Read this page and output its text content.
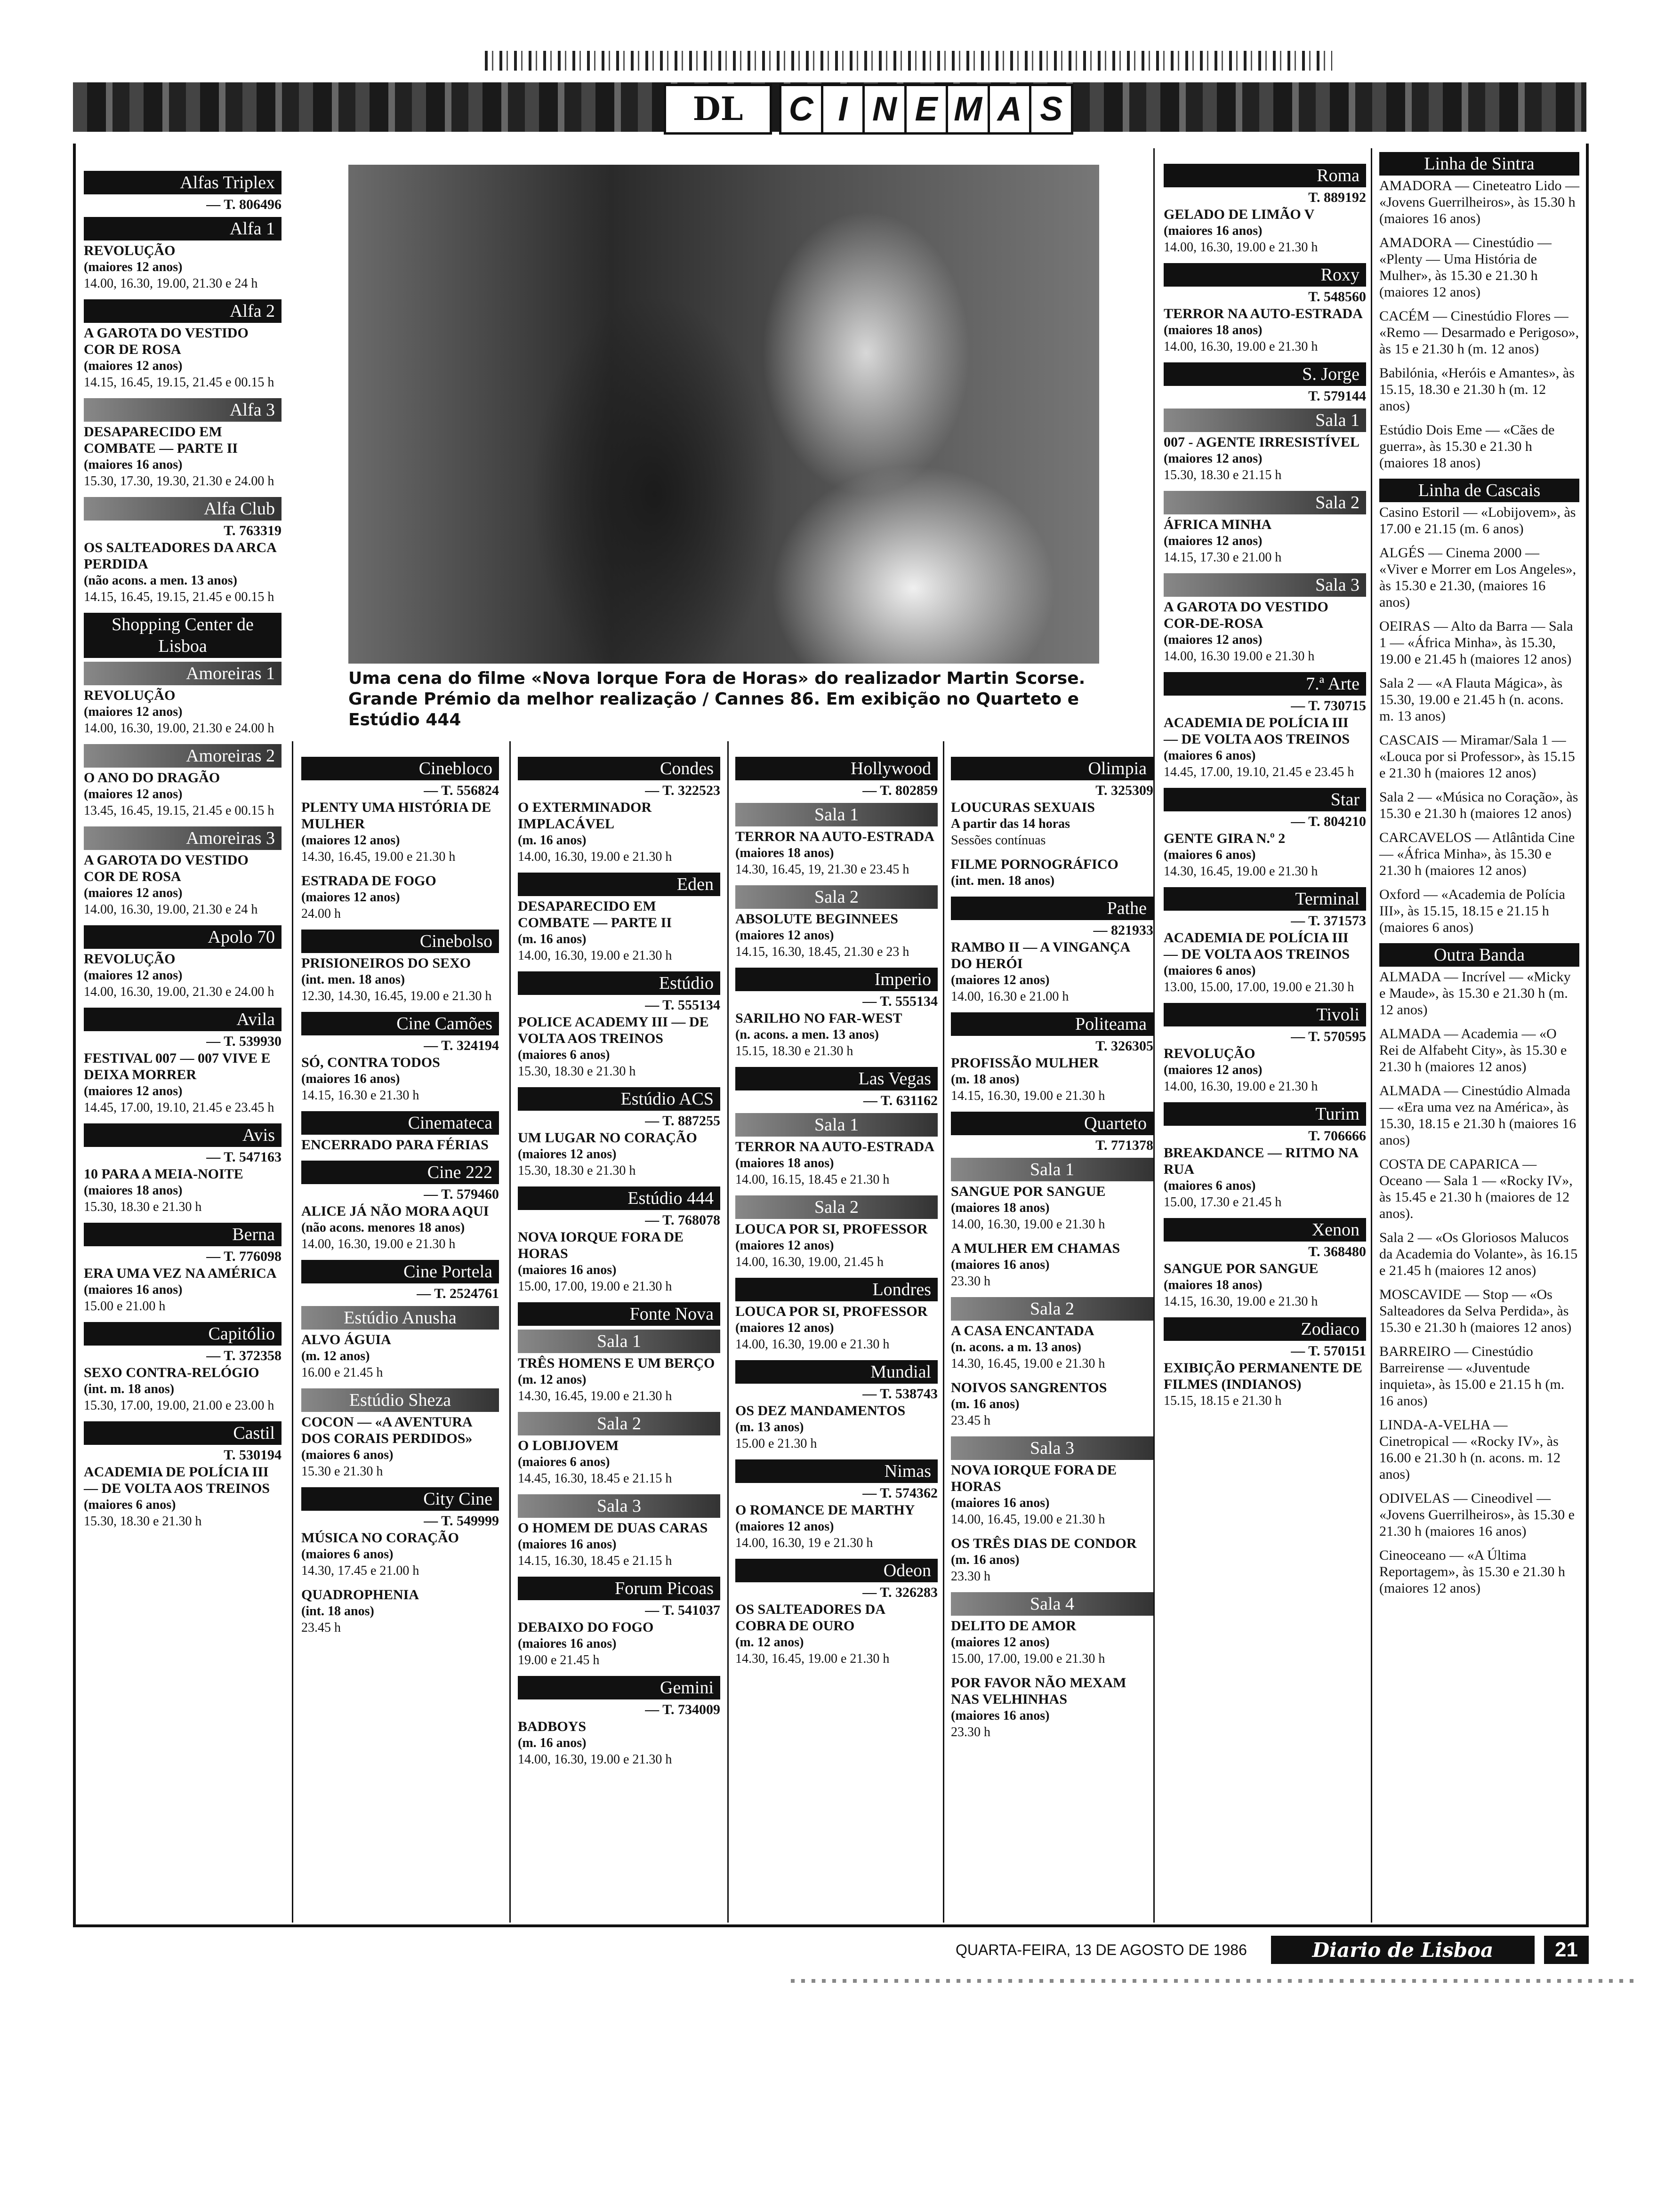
DL	C I N E M A S
Uma cena do filme «Nova Iorque Fora de Horas» do realizador Martin Scorse. Grande Prémio da melhor realização / Cannes 86. Em exibição no Quarteto e Estúdio 444
Alfas Triplex
— T. 806496
Alfa 1
REVOLUÇÃO
(maiores 12 anos)
14.00, 16.30, 19.00, 21.30 e 24 h
Alfa 2
A GAROTA DO VESTIDO COR DE ROSA
(maiores 12 anos)
14.15, 16.45, 19.15, 21.45 e 00.15 h
Alfa 3
DESAPARECIDO EM COMBATE — PARTE II
(maiores 16 anos)
15.30, 17.30, 19.30, 21.30 e 24.00 h
Alfa Club
T. 763319
OS SALTEADORES DA ARCA PERDIDA
(não acons. a men. 13 anos)
14.15, 16.45, 19.15, 21.45 e 00.15 h
Shopping Center de Lisboa
Amoreiras 1
REVOLUÇÃO
(maiores 12 anos)
14.00, 16.30, 19.00, 21.30 e 24.00 h
Amoreiras 2
O ANO DO DRAGÃO
(maiores 12 anos)
13.45, 16.45, 19.15, 21.45 e 00.15 h
Amoreiras 3
A GAROTA DO VESTIDO COR DE ROSA
(maiores 12 anos)
14.00, 16.30, 19.00, 21.30 e 24 h
Apolo 70
REVOLUÇÃO
(maiores 12 anos)
14.00, 16.30, 19.00, 21.30 e 24.00 h
Avila
— T. 539930
FESTIVAL 007 — 007 VIVE E DEIXA MORRER
(maiores 12 anos)
14.45, 17.00, 19.10, 21.45 e 23.45 h
Avis
— T. 547163
10 PARA A MEIA-NOITE
(maiores 18 anos)
15.30, 18.30 e 21.30 h
Berna
— T. 776098
ERA UMA VEZ NA AMÉRICA
(maiores 16 anos)
15.00 e 21.00 h
Capitólio
— T. 372358
SEXO CONTRA-RELÓGIO
(int. m. 18 anos)
15.30, 17.00, 19.00, 21.00 e 23.00 h
Castil
T. 530194
ACADEMIA DE POLÍCIA III — DE VOLTA AOS TREINOS
(maiores 6 anos)
15.30, 18.30 e 21.30 h
Cinebloco
— T. 556824
PLENTY UMA HISTÓRIA DE MULHER
(maiores 12 anos)
14.30, 16.45, 19.00 e 21.30 h
ESTRADA DE FOGO
(maiores 12 anos)
24.00 h
Cinebolso
PRISIONEIROS DO SEXO
(int. men. 18 anos)
12.30, 14.30, 16.45, 19.00 e 21.30 h
Cine Camões
— T. 324194
SÓ, CONTRA TODOS
(maiores 16 anos)
14.15, 16.30 e 21.30 h
Cinemateca
ENCERRADO PARA FÉRIAS
Cine 222
— T. 579460
ALICE JÁ NÃO MORA AQUI
(não acons. menores 18 anos)
14.00, 16.30, 19.00 e 21.30 h
Cine Portela
— T. 2524761
Estúdio Anusha
ALVO ÁGUIA
(m. 12 anos)
16.00 e 21.45 h
Estúdio Sheza
COCON — «A AVENTURA DOS CORAIS PERDIDOS»
(maiores 6 anos)
15.30 e 21.30 h
City Cine
— T. 549999
MÚSICA NO CORAÇÃO
(maiores 6 anos)
14.30, 17.45 e 21.00 h
QUADROPHENIA
(int. 18 anos)
23.45 h
Condes
— T. 322523
O EXTERMINADOR IMPLACÁVEL
(m. 16 anos)
14.00, 16.30, 19.00 e 21.30 h
Eden
DESAPARECIDO EM COMBATE — PARTE II
(m. 16 anos)
14.00, 16.30, 19.00 e 21.30 h
Estúdio
— T. 555134
POLICE ACADEMY III — DE VOLTA AOS TREINOS
(maiores 6 anos)
15.30, 18.30 e 21.30 h
Estúdio ACS
— T. 887255
UM LUGAR NO CORAÇÃO
(maiores 12 anos)
15.30, 18.30 e 21.30 h
Estúdio 444
— T. 768078
NOVA IORQUE FORA DE HORAS
(maiores 16 anos)
15.00, 17.00, 19.00 e 21.30 h
Fonte Nova
Sala 1
TRÊS HOMENS E UM BERÇO
(m. 12 anos)
14.30, 16.45, 19.00 e 21.30 h
Sala 2
O LOBIJOVEM
(maiores 6 anos)
14.45, 16.30, 18.45 e 21.15 h
Sala 3
O HOMEM DE DUAS CARAS
(maiores 16 anos)
14.15, 16.30, 18.45 e 21.15 h
Forum Picoas
— T. 541037
DEBAIXO DO FOGO
(maiores 16 anos)
19.00 e 21.45 h
Gemini
— T. 734009
BADBOYS
(m. 16 anos)
14.00, 16.30, 19.00 e 21.30 h
Hollywood
— T. 802859
Sala 1
TERROR NA AUTO-ESTRADA
(maiores 18 anos)
14.30, 16.45, 19, 21.30 e 23.45 h
Sala 2
ABSOLUTE BEGINNEES
(maiores 12 anos)
14.15, 16.30, 18.45, 21.30 e 23 h
Imperio
— T. 555134
SARILHO NO FAR-WEST
(n. acons. a men. 13 anos)
15.15, 18.30 e 21.30 h
Las Vegas
— T. 631162
Sala 1
TERROR NA AUTO-ESTRADA
(maiores 18 anos)
14.00, 16.15, 18.45 e 21.30 h
Sala 2
LOUCA POR SI, PROFESSOR
(maiores 12 anos)
14.00, 16.30, 19.00, 21.45 h
Londres
LOUCA POR SI, PROFESSOR
(maiores 12 anos)
14.00, 16.30, 19.00 e 21.30 h
Mundial
— T. 538743
OS DEZ MANDAMENTOS
(m. 13 anos)
15.00 e 21.30 h
Nimas
— T. 574362
O ROMANCE DE MARTHY
(maiores 12 anos)
14.00, 16.30, 19 e 21.30 h
Odeon
— T. 326283
OS SALTEADORES DA COBRA DE OURO
(m. 12 anos)
14.30, 16.45, 19.00 e 21.30 h
Olimpia
T. 325309
LOUCURAS SEXUAIS
A partir das 14 horas
Sessões contínuas
FILME PORNOGRÁFICO
(int. men. 18 anos)
Pathe
— 821933
RAMBO II — A VINGANÇA DO HERÓI
(maiores 12 anos)
14.00, 16.30 e 21.00 h
Politeama
T. 326305
PROFISSÃO MULHER
(m. 18 anos)
14.15, 16.30, 19.00 e 21.30 h
Quarteto
T. 771378
Sala 1
SANGUE POR SANGUE
(maiores 18 anos)
14.00, 16.30, 19.00 e 21.30 h
A MULHER EM CHAMAS
(maiores 16 anos)
23.30 h
Sala 2
A CASA ENCANTADA
(n. acons. a m. 13 anos)
14.30, 16.45, 19.00 e 21.30 h
NOIVOS SANGRENTOS
(m. 16 anos)
23.45 h
Sala 3
NOVA IORQUE FORA DE HORAS
(maiores 16 anos)
14.00, 16.45, 19.00 e 21.30 h
OS TRÊS DIAS DE CONDOR
(m. 16 anos)
23.30 h
Sala 4
DELITO DE AMOR
(maiores 12 anos)
15.00, 17.00, 19.00 e 21.30 h
POR FAVOR NÃO MEXAM NAS VELHINHAS
(maiores 16 anos)
23.30 h
Roma
T. 889192
GELADO DE LIMÃO V
(maiores 16 anos)
14.00, 16.30, 19.00 e 21.30 h
Roxy
T. 548560
TERROR NA AUTO-ESTRADA
(maiores 18 anos)
14.00, 16.30, 19.00 e 21.30 h
S. Jorge
T. 579144
Sala 1
007 - AGENTE IRRESISTÍVEL
(maiores 12 anos)
15.30, 18.30 e 21.15 h
Sala 2
ÁFRICA MINHA
(maiores 12 anos)
14.15, 17.30 e 21.00 h
Sala 3
A GAROTA DO VESTIDO COR-DE-ROSA
(maiores 12 anos)
14.00, 16.30 19.00 e 21.30 h
7.ª Arte
— T. 730715
ACADEMIA DE POLÍCIA III — DE VOLTA AOS TREINOS
(maiores 6 anos)
14.45, 17.00, 19.10, 21.45 e 23.45 h
Star
— T. 804210
GENTE GIRA N.º 2
(maiores 6 anos)
14.30, 16.45, 19.00 e 21.30 h
Terminal
— T. 371573
ACADEMIA DE POLÍCIA III — DE VOLTA AOS TREINOS
(maiores 6 anos)
13.00, 15.00, 17.00, 19.00 e 21.30 h
Tivoli
— T. 570595
REVOLUÇÃO
(maiores 12 anos)
14.00, 16.30, 19.00 e 21.30 h
Turim
T. 706666
BREAKDANCE — RITMO NA RUA
(maiores 6 anos)
15.00, 17.30 e 21.45 h
Xenon
T. 368480
SANGUE POR SANGUE
(maiores 18 anos)
14.15, 16.30, 19.00 e 21.30 h
Zodiaco
— T. 570151
EXIBIÇÃO PERMANENTE DE FILMES (INDIANOS)
15.15, 18.15 e 21.30 h
Linha de Sintra
AMADORA — Cineteatro Lido — «Jovens Guerrilheiros», às 15.30 h (maiores 16 anos)
AMADORA — Cinestúdio — «Plenty — Uma História de Mulher», às 15.30 e 21.30 h (maiores 12 anos)
CACÉM — Cinestúdio Flores — «Remo — Desarmado e Perigoso», às 15 e 21.30 h (m. 12 anos)
Babilónia, «Heróis e Amantes», às 15.15, 18.30 e 21.30 h (m. 12 anos)
Estúdio Dois Eme — «Cães de guerra», às 15.30 e 21.30 h (maiores 18 anos)
Linha de Cascais
Casino Estoril — «Lobijovem», às 17.00 e 21.15 (m. 6 anos)
ALGÉS — Cinema 2000 — «Viver e Morrer em Los Angeles», às 15.30 e 21.30, (maiores 16 anos)
OEIRAS — Alto da Barra — Sala 1 — «África Minha», às 15.30, 19.00 e 21.45 h (maiores 12 anos)
Sala 2 — «A Flauta Mágica», às 15.30, 19.00 e 21.45 h (n. acons. m. 13 anos)
CASCAIS — Miramar/Sala 1 — «Louca por si Professor», às 15.15 e 21.30 h (maiores 12 anos)
Sala 2 — «Música no Coração», às 15.30 e 21.30 h (maiores 12 anos)
CARCAVELOS — Atlântida Cine — «África Minha», às 15.30 e 21.30 h (maiores 12 anos)
Oxford — «Academia de Polícia III», às 15.15, 18.15 e 21.15 h (maiores 6 anos)
Outra Banda
ALMADA — Incrível — «Micky e Maude», às 15.30 e 21.30 h (m. 12 anos)
ALMADA — Academia — «O Rei de Alfabeht City», às 15.30 e 21.30 h (maiores 12 anos)
ALMADA — Cinestúdio Almada — «Era uma vez na América», às 15.30, 18.15 e 21.30 h (maiores 16 anos)
COSTA DE CAPARICA — Oceano — Sala 1 — «Rocky IV», às 15.45 e 21.30 h (maiores de 12 anos).
Sala 2 — «Os Gloriosos Malucos da Academia do Volante», às 16.15 e 21.45 h (maiores 12 anos)
MOSCAVIDE — Stop — «Os Salteadores da Selva Perdida», às 15.30 e 21.30 h (maiores 12 anos)
BARREIRO — Cinestúdio Barreirense — «Juventude inquieta», às 15.00 e 21.15 h (m. 16 anos)
LINDA-A-VELHA — Cinetropical — «Rocky IV», às 16.00 e 21.30 h (n. acons. m. 12 anos)
ODIVELAS — Cineodivel — «Jovens Guerrilheiros», às 15.30 e 21.30 h (maiores 16 anos)
Cineoceano — «A Última Reportagem», às 15.30 e 21.30 h (maiores 12 anos)
QUARTA-FEIRA, 13 DE AGOSTO DE 1986	Diario de Lisboa	21
